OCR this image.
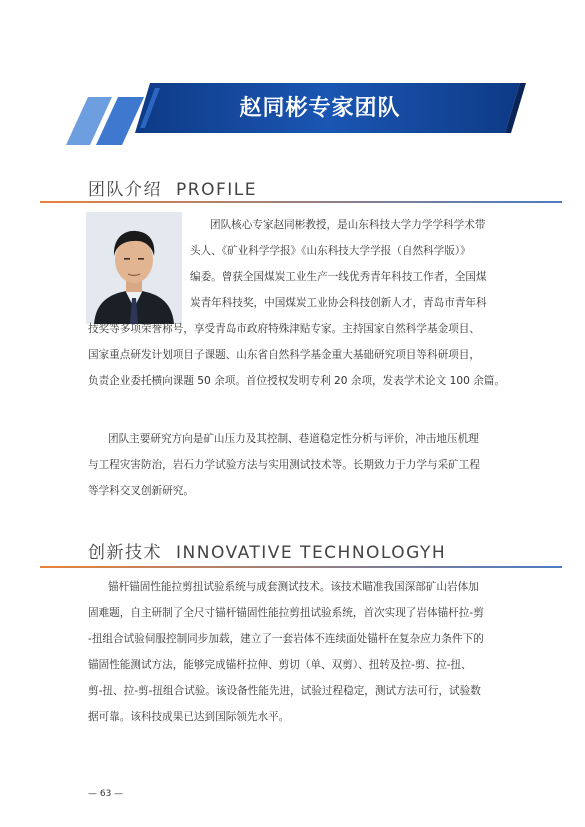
赵同彬专家团队
团队介绍 PROFILE
团队核心专家赵同彬教授，是山东科技大学力学学科学术带
头人、《矿业科学学报》《山东科技大学学报（自然科学版）》
编委。曾获全国煤炭工业生产一线优秀青年科技工作者，全国煤
炭青年科技奖，中国煤炭工业协会科技创新人才，青岛市青年科
技奖等多项荣誉称号，享受青岛市政府特殊津贴专家。主持国家自然科学基金项目、
国家重点研发计划项目子课题、山东省自然科学基金重大基础研究项目等科研项目，
负责企业委托横向课题 50 余项。首位授权发明专利 20 余项，发表学术论文 100 余篇。
团队主要研究方向是矿山压力及其控制、巷道稳定性分析与评价，冲击地压机理
与工程灾害防治，岩石力学试验方法与实用测试技术等。长期致力于力学与采矿工程
等学科交叉创新研究。
创新技术 INNOVATIVE TECHNOLOGYH
锚杆锚固性能拉剪扭试验系统与成套测试技术。该技术瞄准我国深部矿山岩体加
固难题，自主研制了全尺寸锚杆锚固性能拉剪扭试验系统，首次实现了岩体锚杆拉-剪
-扭组合试验伺服控制同步加载，建立了一套岩体不连续面处锚杆在复杂应力条件下的
锚固性能测试方法，能够完成锚杆拉伸、剪切（单、双剪）、扭转及拉-剪、拉-扭、
剪-扭、拉-剪-扭组合试验。该设备性能先进，试验过程稳定，测试方法可行，试验数
据可靠。该科技成果已达到国际领先水平。
— 63 —
